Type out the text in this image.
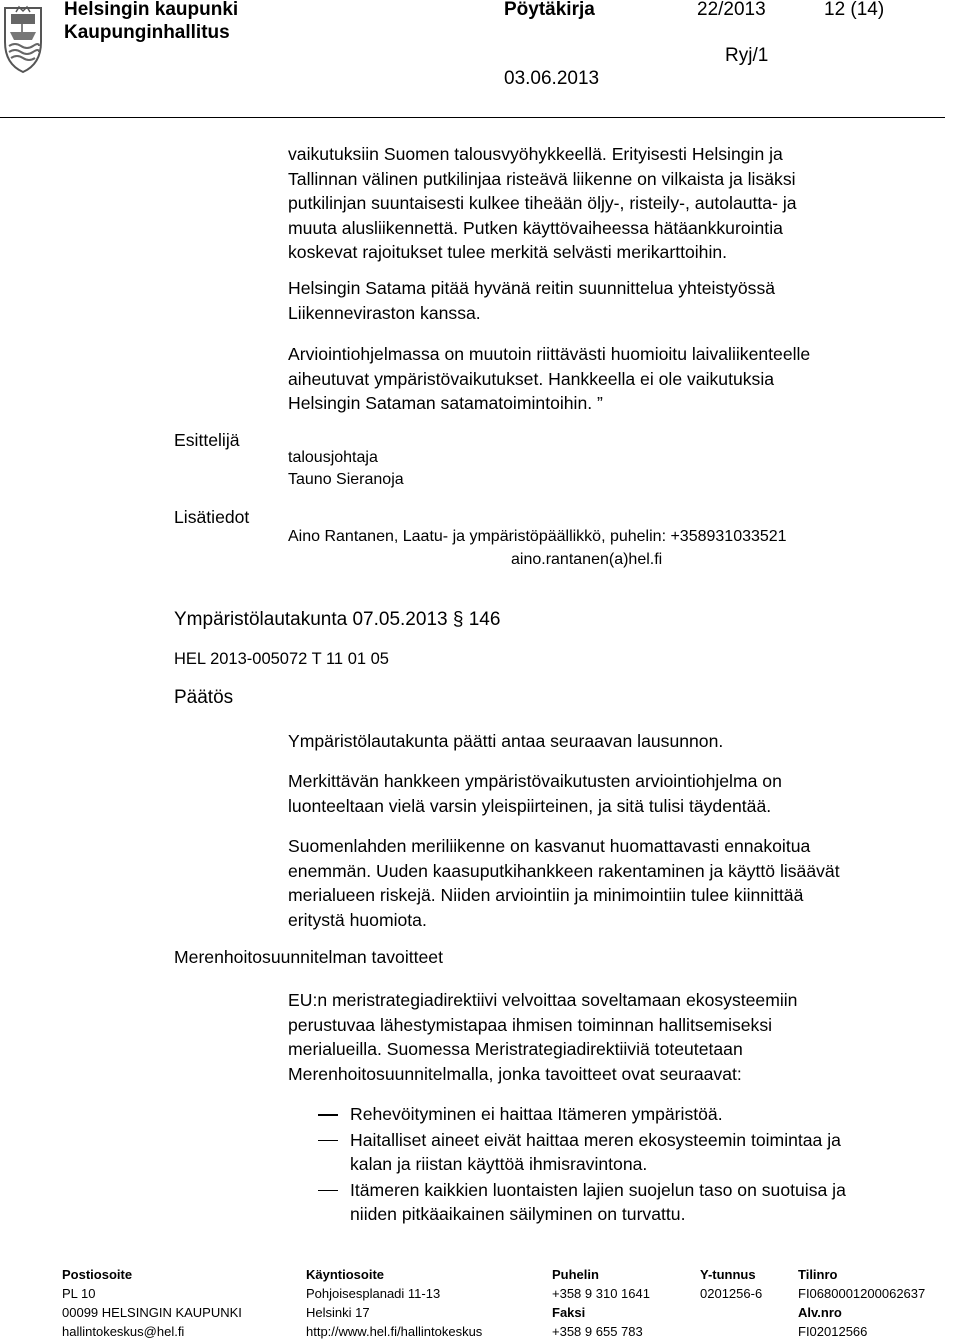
Helsingin kaupunki
Kaupunginhallitus
Pöytäkirja	22/2013	12 (14)
Ryj/1
03.06.2013
vaikutuksiin Suomen talousvyöhykkeellä. Erityisesti Helsingin ja
Tallinnan välinen putkilinjaa risteävä liikenne on vilkaista ja lisäksi
putkilinjan suuntaisesti kulkee tiheään öljy-, risteily-, autolautta- ja
muuta alusliikennettä. Putken käyttövaiheessa hätäankkurointia
koskevat rajoitukset tulee merkitä selvästi merikarttoihin.
Helsingin Satama pitää hyvänä reitin suunnittelua yhteistyössä
Liikenneviraston kanssa.
Arviointiohjelmassa on muutoin riittävästi huomioitu laivaliikenteelle
aiheutuvat ympäristövaikutukset. Hankkeella ei ole vaikutuksia
Helsingin Sataman satamatoimintoihin. ”
Esittelijä
talousjohtaja
Tauno Sieranoja
Lisätiedot
Aino Rantanen, Laatu- ja ympäristöpäällikkö, puhelin: +358931033521
aino.rantanen(a)hel.fi
Ympäristölautakunta 07.05.2013 § 146
HEL 2013-005072 T 11 01 05
Päätös
Ympäristölautakunta päätti antaa seuraavan lausunnon.
Merkittävän hankkeen ympäristövaikutusten arviointiohjelma on
luonteeltaan vielä varsin yleispiirteinen, ja sitä tulisi täydentää.
Suomenlahden meriliikenne on kasvanut huomattavasti ennakoitua
enemmän. Uuden kaasuputkihankkeen rakentaminen ja käyttö lisäävät
merialueen riskejä. Niiden arviointiin ja minimointiin tulee kiinnittää
eritystä huomiota.
Merenhoitosuunnitelman tavoitteet
EU:n meristrategiadirektiivi velvoittaa soveltamaan ekosysteemiin
perustuvaa lähestymistapaa ihmisen toiminnan hallitsemiseksi
merialueilla. Suomessa Meristrategiadirektiiviä toteutetaan
Merenhoitosuunnitelmalla, jonka tavoitteet ovat seuraavat:
Rehevöityminen ei haittaa Itämeren ympäristöä.
Haitalliset aineet eivät haittaa meren ekosysteemin toimintaa ja
kalan ja riistan käyttöä ihmisravintona.
Itämeren kaikkien luontaisten lajien suojelun taso on suotuisa ja
niiden pitkäaikainen säilyminen on turvattu.
Postiosoite
PL 10
00099 HELSINGIN KAUPUNKI
hallintokeskus@hel.fi
Käyntiosoite
Pohjoisesplanadi 11-13
Helsinki 17
http://www.hel.fi/hallintokeskus
Puhelin
+358 9 310 1641
Faksi
+358 9 655 783
Y-tunnus
0201256-6
Tilinro
FI0680001200062637
Alv.nro
FI02012566
